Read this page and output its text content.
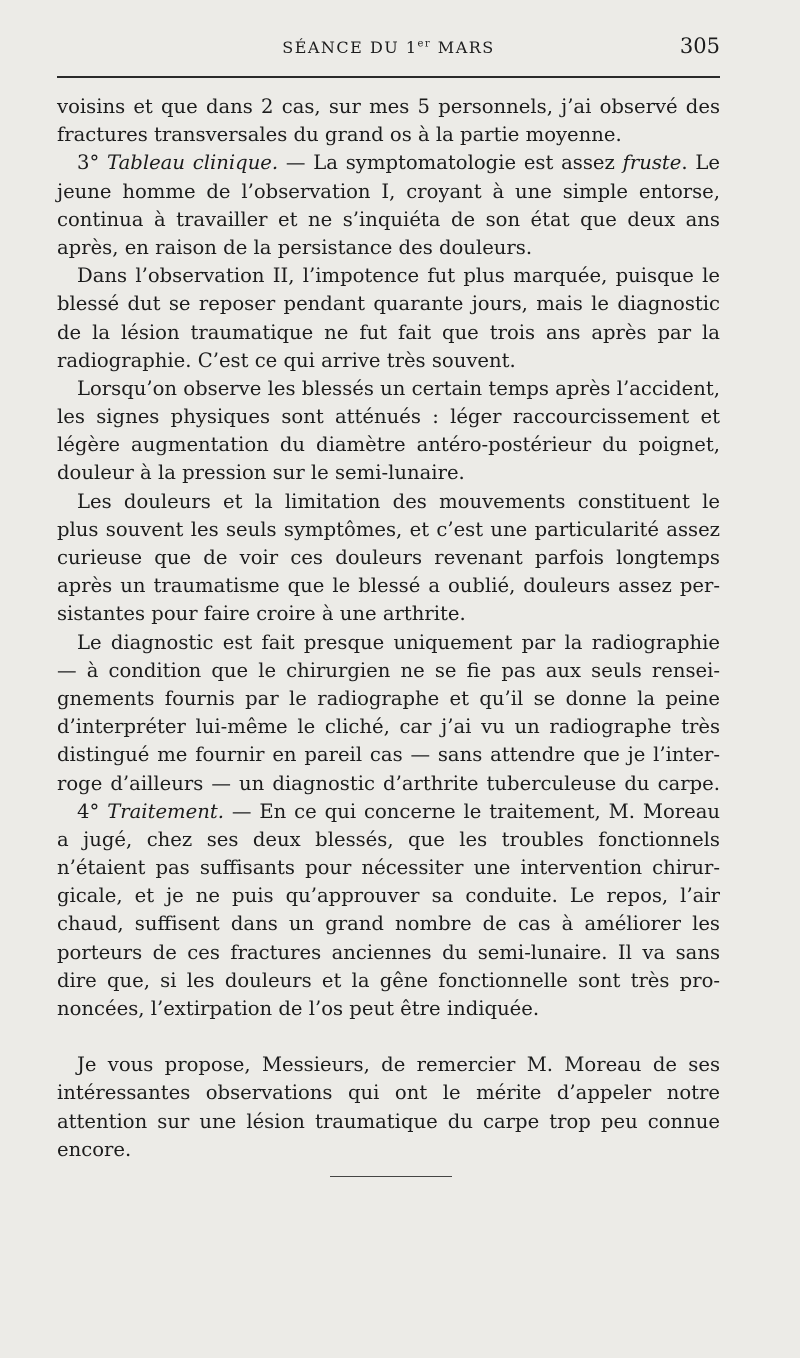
SÉANCE DU 1er MARS	305
voisins et que dans 2 cas, sur mes 5 personnels, j’ai observé des
fractures transversales du grand os à la partie moyenne.
3° Tableau clinique. — La symptomatologie est assez fruste. Le
jeune homme de l’observation I, croyant à une simple entorse,
continua à travailler et ne s’inquiéta de son état que deux ans
après, en raison de la persistance des douleurs.
Dans l’observation II, l’impotence fut plus marquée, puisque le
blessé dut se reposer pendant quarante jours, mais le diagnostic
de la lésion traumatique ne fut fait que trois ans après par la
radiographie. C’est ce qui arrive très souvent.
Lorsqu’on observe les blessés un certain temps après l’accident,
les signes physiques sont atténués : léger raccourcissement et
légère augmentation du diamètre antéro-postérieur du poignet,
douleur à la pression sur le semi-lunaire.
Les douleurs et la limitation des mouvements constituent le
plus souvent les seuls symptômes, et c’est une particularité assez
curieuse que de voir ces douleurs revenant parfois longtemps
après un traumatisme que le blessé a oublié, douleurs assez per-
sistantes pour faire croire à une arthrite.
Le diagnostic est fait presque uniquement par la radiographie
— à condition que le chirurgien ne se fie pas aux seuls rensei-
gnements fournis par le radiographe et qu’il se donne la peine
d’interpréter lui-même le cliché, car j’ai vu un radiographe très
distingué me fournir en pareil cas — sans attendre que je l’inter-
roge d’ailleurs — un diagnostic d’arthrite tuberculeuse du carpe.
4° Traitement. — En ce qui concerne le traitement, M. Moreau
a jugé, chez ses deux blessés, que les troubles fonctionnels
n’étaient pas suffisants pour nécessiter une intervention chirur-
gicale, et je ne puis qu’approuver sa conduite. Le repos, l’air
chaud, suffisent dans un grand nombre de cas à améliorer les
porteurs de ces fractures anciennes du semi-lunaire. Il va sans
dire que, si les douleurs et la gêne fonctionnelle sont très pro-
noncées, l’extirpation de l’os peut être indiquée.
Je vous propose, Messieurs, de remercier M. Moreau de ses
intéressantes observations qui ont le mérite d’appeler notre
attention sur une lésion traumatique du carpe trop peu connue
encore.
